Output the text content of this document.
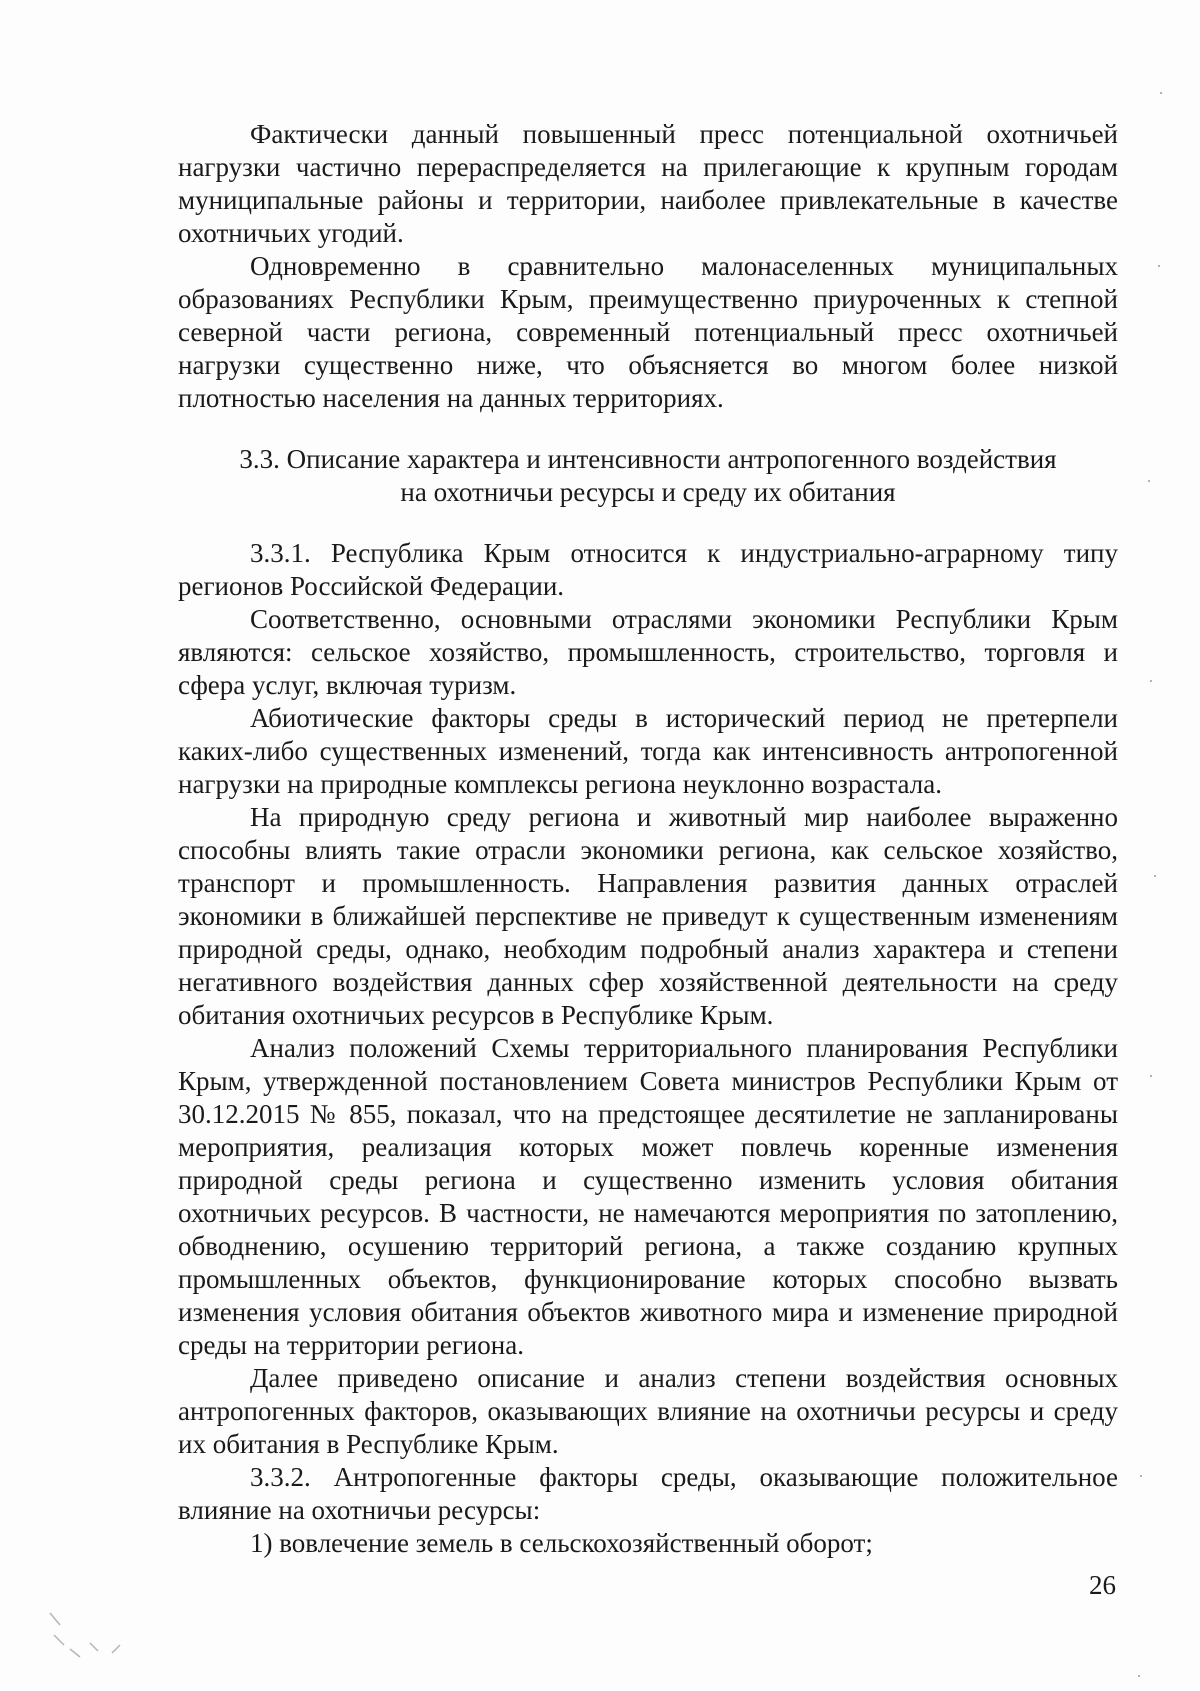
Фактически данный повышенный пресс потенциальной охотничьей нагрузки частично перераспределяется на прилегающие к крупным городам муниципальные районы и территории, наиболее привлекательные в качестве охотничьих угодий.

Одновременно в сравнительно малонаселенных муниципальных образованиях Республики Крым, преимущественно приуроченных к степной северной части региона, современный потенциальный пресс охотничьей нагрузки существенно ниже, что объясняется во многом более низкой плотностью населения на данных территориях.

3.3. Описание характера и интенсивности антропогенного воздействия
на охотничьи ресурсы и среду их обитания

3.3.1. Республика Крым относится к индустриально-аграрному типу регионов Российской Федерации.

Соответственно, основными отраслями экономики Республики Крым являются: сельское хозяйство, промышленность, строительство, торговля и сфера услуг, включая туризм.

Абиотические факторы среды в исторический период не претерпели каких-либо существенных изменений, тогда как интенсивность антропогенной нагрузки на природные комплексы региона неуклонно возрастала.

На природную среду региона и животный мир наиболее выраженно способны влиять такие отрасли экономики региона, как сельское хозяйство, транспорт и промышленность. Направления развития данных отраслей экономики в ближайшей перспективе не приведут к существенным изменениям природной среды, однако, необходим подробный анализ характера и степени негативного воздействия данных сфер хозяйственной деятельности на среду обитания охотничьих ресурсов в Республике Крым.

Анализ положений Схемы территориального планирования Республики Крым, утвержденной постановлением Совета министров Республики Крым от 30.12.2015 № 855, показал, что на предстоящее десятилетие не запланированы мероприятия, реализация которых может повлечь коренные изменения природной среды региона и существенно изменить условия обитания охотничьих ресурсов. В частности, не намечаются мероприятия по затоплению, обводнению, осушению территорий региона, а также созданию крупных промышленных объектов, функционирование которых способно вызвать изменения условия обитания объектов животного мира и изменение природной среды на территории региона.

Далее приведено описание и анализ степени воздействия основных антропогенных факторов, оказывающих влияние на охотничьи ресурсы и среду их обитания в Республике Крым.

3.3.2. Антропогенные факторы среды, оказывающие положительное влияние на охотничьи ресурсы:

1) вовлечение земель в сельскохозяйственный оборот;

26
